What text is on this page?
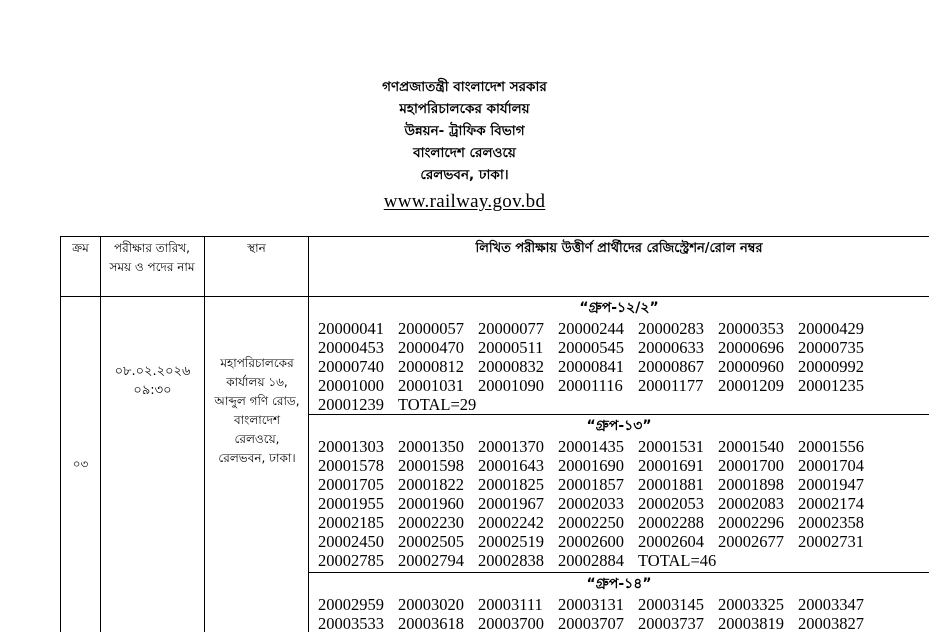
গণপ্রজাতন্ত্রী বাংলাদেশ সরকার
মহাপরিচালকের কার্যালয়
উন্নয়ন- ট্রাফিক বিভাগ
বাংলাদেশ রেলওয়ে
রেলভবন, ঢাকা।
www.railway.gov.bd
ক্রম	পরীক্ষার তারিখ, সময় ও পদের নাম
স্থান	লিখিত পরীক্ষায় উত্তীর্ণ প্রার্থীদের রেজিস্ট্রেশন/রোল নম্বর
০৩
০৮.০২.২০২৬
০৯:৩০
মহাপরিচালকের কার্যালয় ১৬, আব্দুল গণি রোড, বাংলাদেশ রেলওয়ে, রেলভবন, ঢাকা।
“গ্রুপ-১২/২”
“গ্রুপ-১৩”
“গ্রুপ-১৪”
20000041 20000057 20000077 20000244 20000283 20000353 20000429
20000453 20000470 20000511 20000545 20000633 20000696 20000735
20000740 20000812 20000832 20000841 20000867 20000960 20000992
20001000 20001031 20001090 20001116 20001177 20001209 20001235
20001239 TOTAL=29
20001303 20001350 20001370 20001435 20001531 20001540 20001556
20001578 20001598 20001643 20001690 20001691 20001700 20001704
20001705 20001822 20001825 20001857 20001881 20001898 20001947
20001955 20001960 20001967 20002033 20002053 20002083 20002174
20002185 20002230 20002242 20002250 20002288 20002296 20002358
20002450 20002505 20002519 20002600 20002604 20002677 20002731
20002785 20002794 20002838 20002884 TOTAL=46
20002959 20003020 20003111 20003131 20003145 20003325 20003347
20003533 20003618 20003700 20003707 20003737 20003819 20003827
